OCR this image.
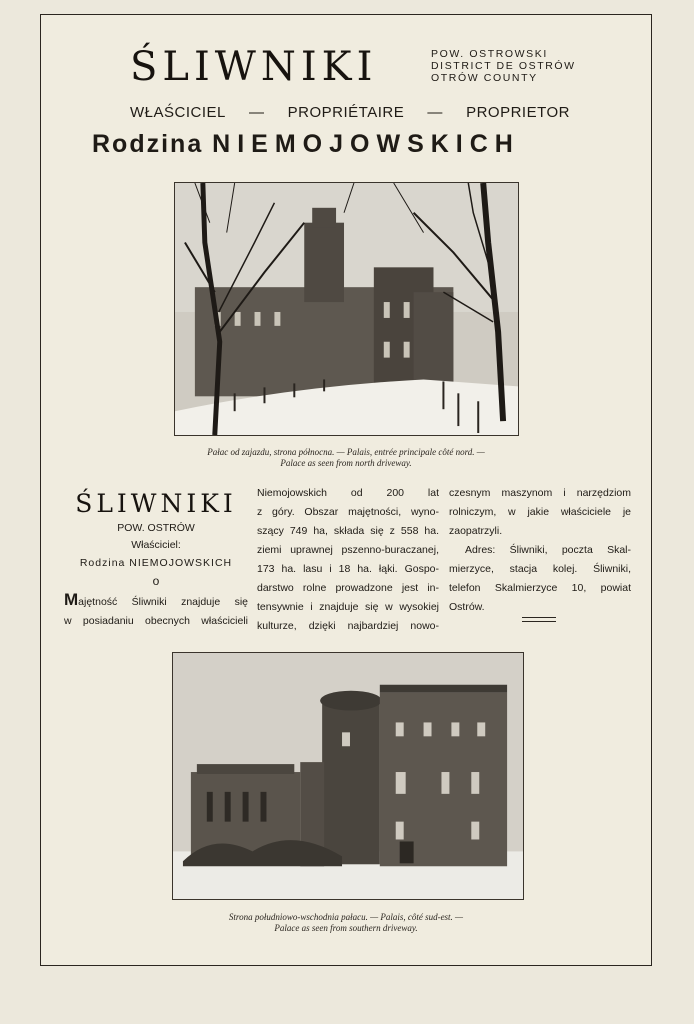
ŚLIWNIKI	POW. OSTROWSKI
DISTRICT DE OSTRÓW
OTRÓW COUNTY
WŁAŚCICIEL — PROPRIÉTAIRE — PROPRIETOR
Rodzina NIEMOJOWSKICH
Pałac od zajazdu, strona północna. — Palais, entrée principale côté nord. —
Palace as seen from north driveway.
ŚLIWNIKI
POW. OSTRÓW
Właściciel:
Rodzina NIEMOJOWSKICH
o
Majętność Śliwniki znajduje się
w posiadaniu obecnych właścicieli
Niemojowskich od 200 lat
z góry. Obszar majętności, wyno-
szący 749 ha, składa się z 558 ha.
ziemi uprawnej pszenno-buraczanej,
173 ha. lasu i 18 ha. łąki. Gospo-
darstwo rolne prowadzone jest in-
tensywnie i znajduje się w wysokiej
kulturze, dzięki najbardziej nowo-
czesnym maszynom i narzędziom
rolniczym, w jakie właściciele je
zaopatrzyli.
Adres: Śliwniki, poczta Skal-
mierzyce, stacja kolej. Śliwniki,
telefon Skalmierzyce 10, powiat
Ostrów.
Strona południowo-wschodnia pałacu. — Palais, côté sud-est. —
Palace as seen from southern driveway.
